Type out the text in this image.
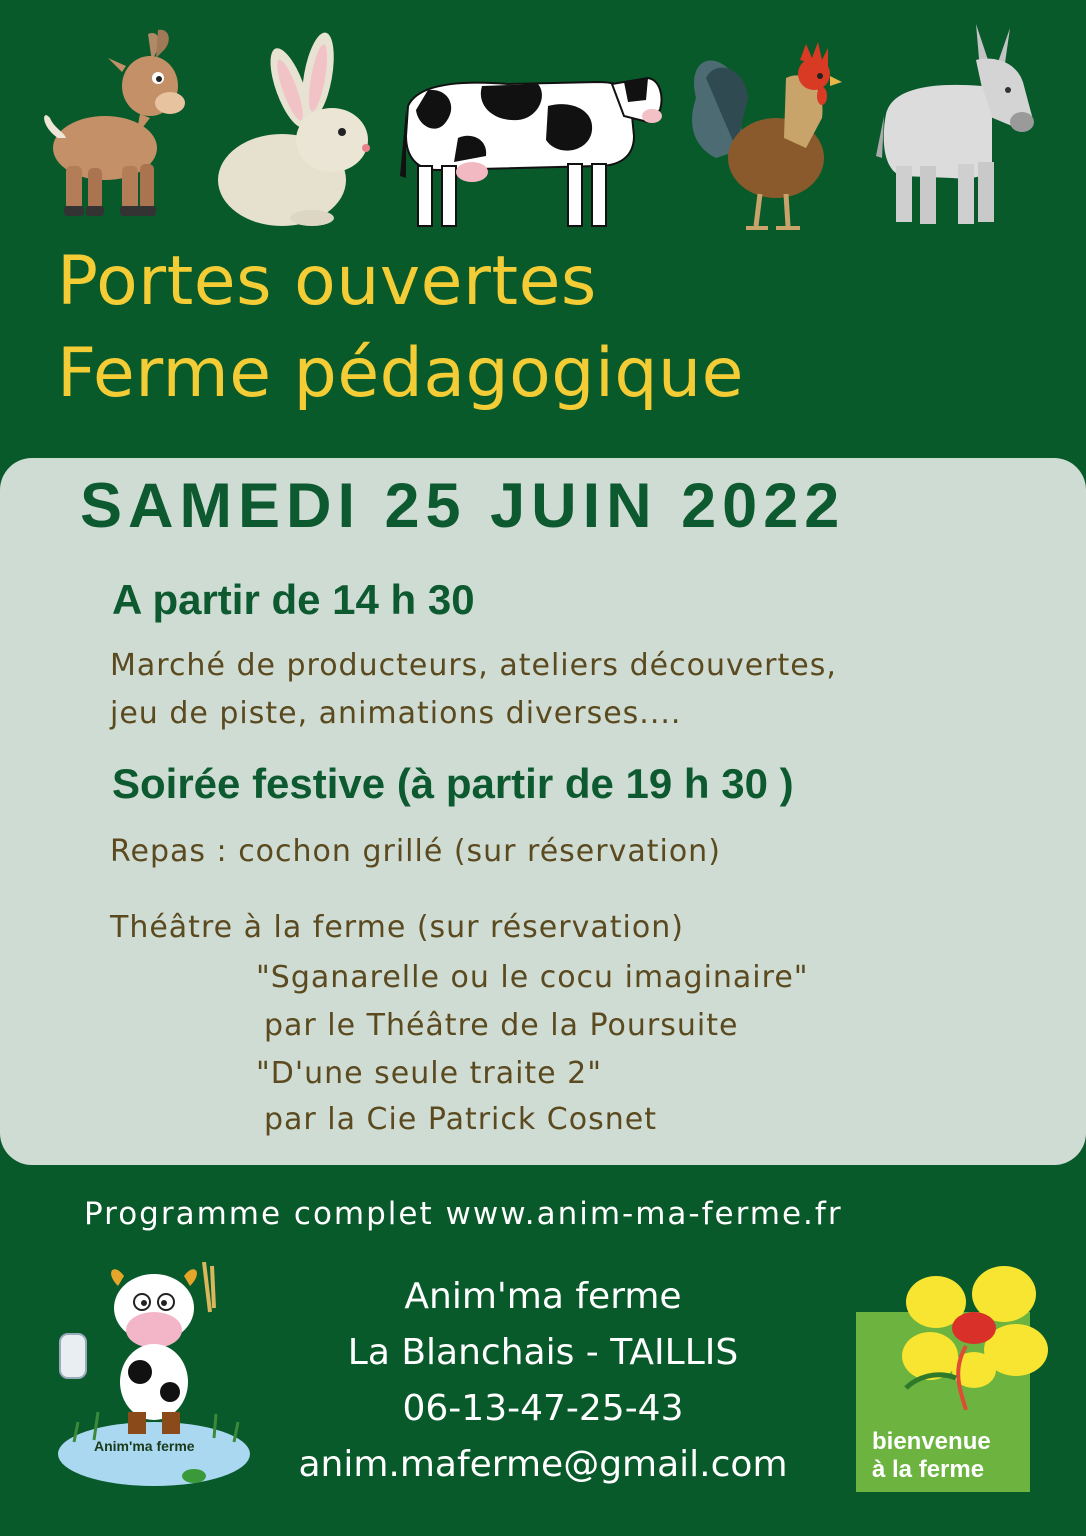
Portes ouvertes
Ferme pédagogique
SAMEDI 25 JUIN 2022
A partir de 14 h 30
Marché de producteurs, ateliers découvertes,
jeu de piste, animations diverses....
Soirée festive (à partir de 19 h 30 )
Repas : cochon grillé (sur réservation)
Théâtre à la ferme (sur réservation)
"Sganarelle ou le cocu imaginaire"
par le Théâtre de la Poursuite
"D'une seule traite 2"
par la Cie Patrick Cosnet
Programme complet www.anim-ma-ferme.fr
Anim'ma ferme
La Blanchais - TAILLIS
06-13-47-25-43
anim.maferme@gmail.com
Anim'ma ferme	bienvenue
à la ferme
